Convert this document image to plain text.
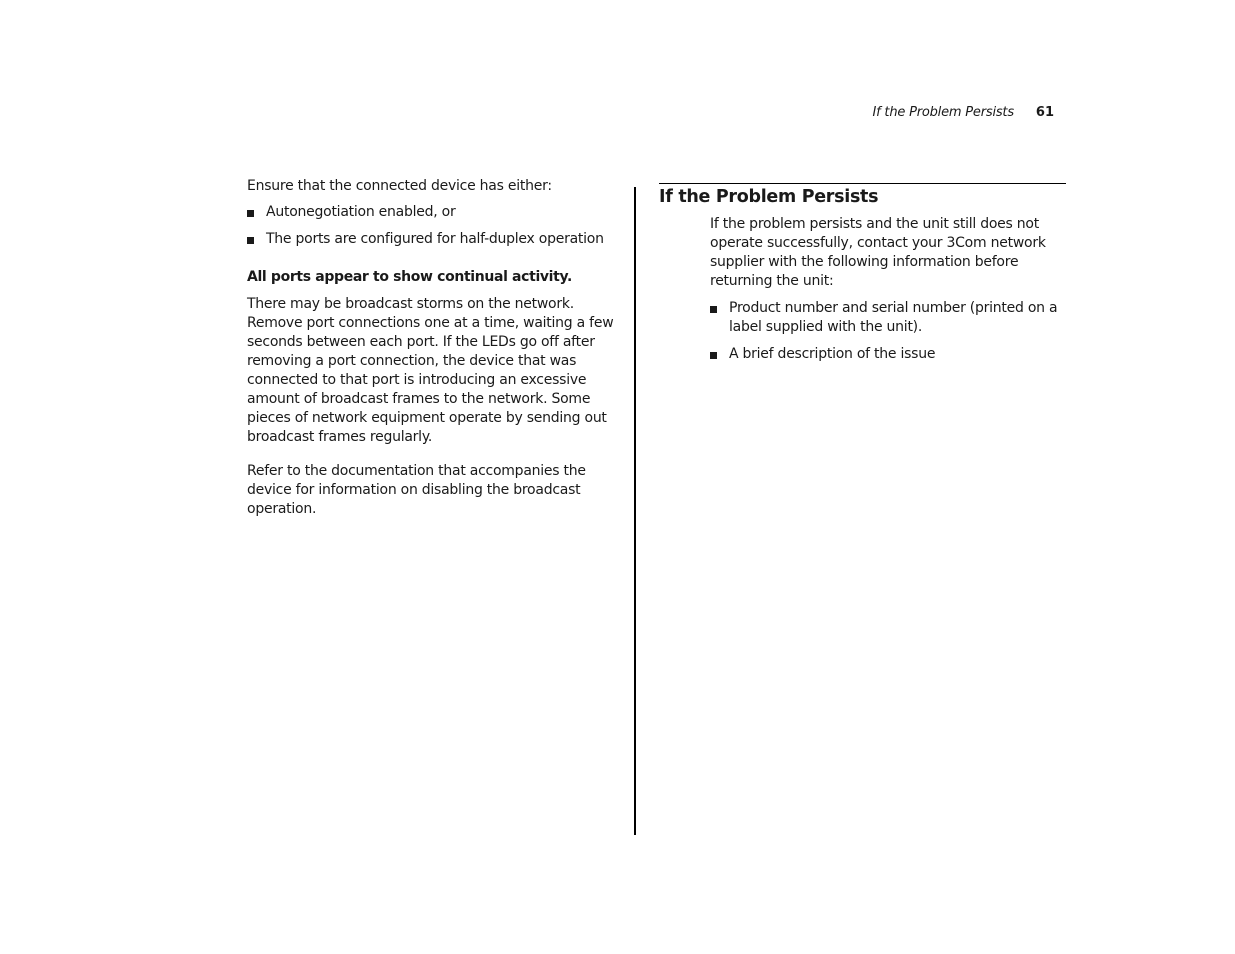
If the Problem Persists 61

Ensure that the connected device has either:

Autonegotiation enabled, or
The ports are configured for half-duplex operation

All ports appear to show continual activity.

There may be broadcast storms on the network. Remove port connections one at a time, waiting a few seconds between each port. If the LEDs go off after removing a port connection, the device that was connected to that port is introducing an excessive amount of broadcast frames to the network. Some pieces of network equipment operate by sending out broadcast frames regularly.

Refer to the documentation that accompanies the device for information on disabling the broadcast operation.

If the Problem Persists

If the problem persists and the unit still does not operate successfully, contact your 3Com network supplier with the following information before returning the unit:

Product number and serial number (printed on a label supplied with the unit).
A brief description of the issue
